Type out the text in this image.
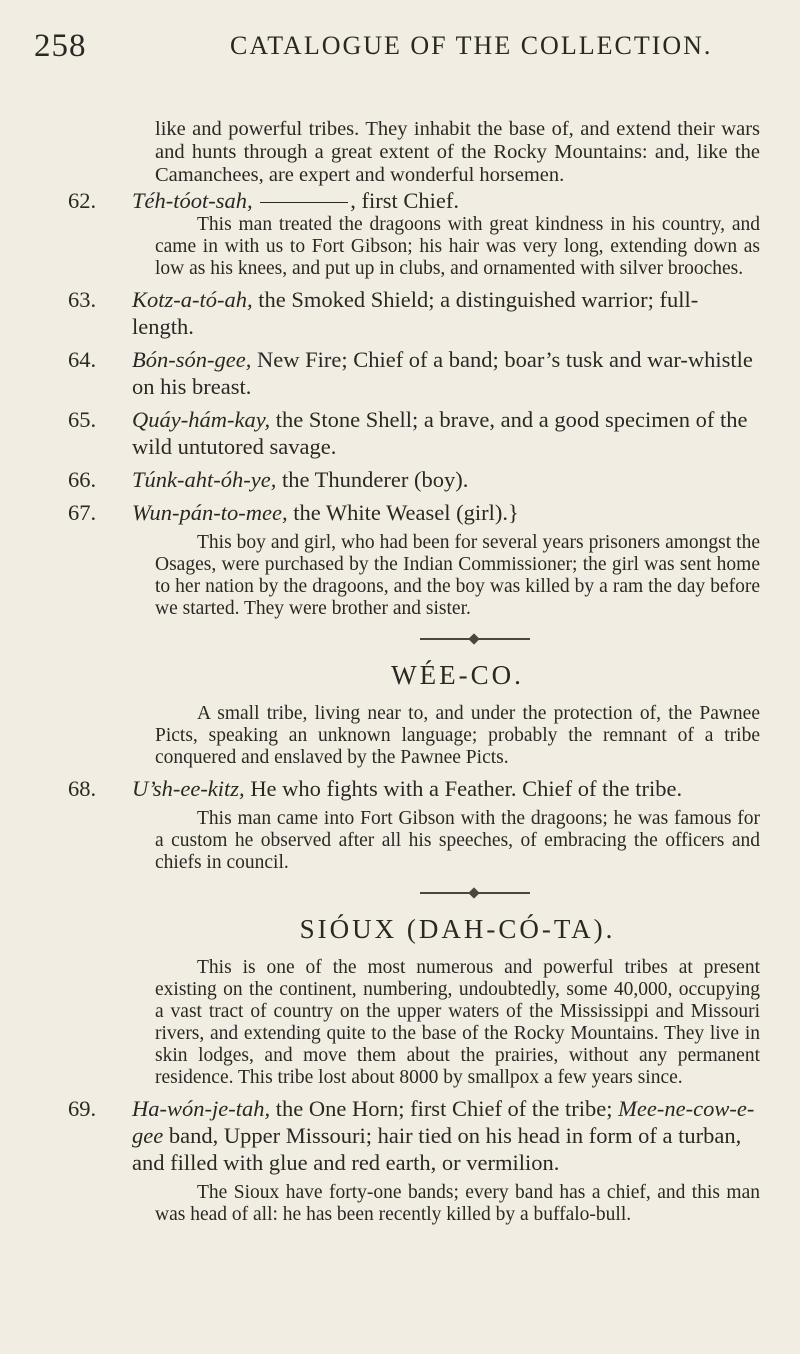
258	CATALOGUE OF THE COLLECTION.

like and powerful tribes. They inhabit the base of, and extend their wars and hunts through a great extent of the Rocky Mountains: and, like the Camanchees, are expert and wonderful horsemen.

62.	Téh-tóot-sah,	, first Chief.

This man treated the dragoons with great kindness in his country, and came in with us to Fort Gibson; his hair was very long, extending down as low as his knees, and put up in clubs, and ornamented with silver brooches.

63.	Kotz-a-tó-ah, the Smoked Shield; a distinguished warrior; full-length.
64.	Bón-són-gee, New Fire; Chief of a band; boar’s tusk and war-whistle on his breast.
65.	Quáy-hám-kay, the Stone Shell; a brave, and a good specimen of the wild untutored savage.
66.	Túnk-aht-óh-ye, the Thunderer (boy).
67.	Wun-pán-to-mee, the White Weasel (girl).}

This boy and girl, who had been for several years prisoners amongst the Osages, were purchased by the Indian Commissioner; the girl was sent home to her nation by the dragoons, and the boy was killed by a ram the day before we started. They were brother and sister.

WÉE-CO.

A small tribe, living near to, and under the protection of, the Pawnee Picts, speaking an unknown language; probably the remnant of a tribe conquered and enslaved by the Pawnee Picts.

68.	U’sh-ee-kitz, He who fights with a Feather. Chief of the tribe.

This man came into Fort Gibson with the dragoons; he was famous for a custom he observed after all his speeches, of embracing the officers and chiefs in council.

SIÓUX (DAH-CÓ-TA).

This is one of the most numerous and powerful tribes at present existing on the continent, numbering, undoubtedly, some 40,000, occupying a vast tract of country on the upper waters of the Mississippi and Missouri rivers, and extending quite to the base of the Rocky Mountains. They live in skin lodges, and move them about the prairies, without any permanent residence. This tribe lost about 8000 by smallpox a few years since.

69.	Ha-wón-je-tah, the One Horn; first Chief of the tribe; Mee-ne-cow-e-gee band, Upper Missouri; hair tied on his head in form of a turban, and filled with glue and red earth, or vermilion.

The Sioux have forty-one bands; every band has a chief, and this man was head of all: he has been recently killed by a buffalo-bull.
